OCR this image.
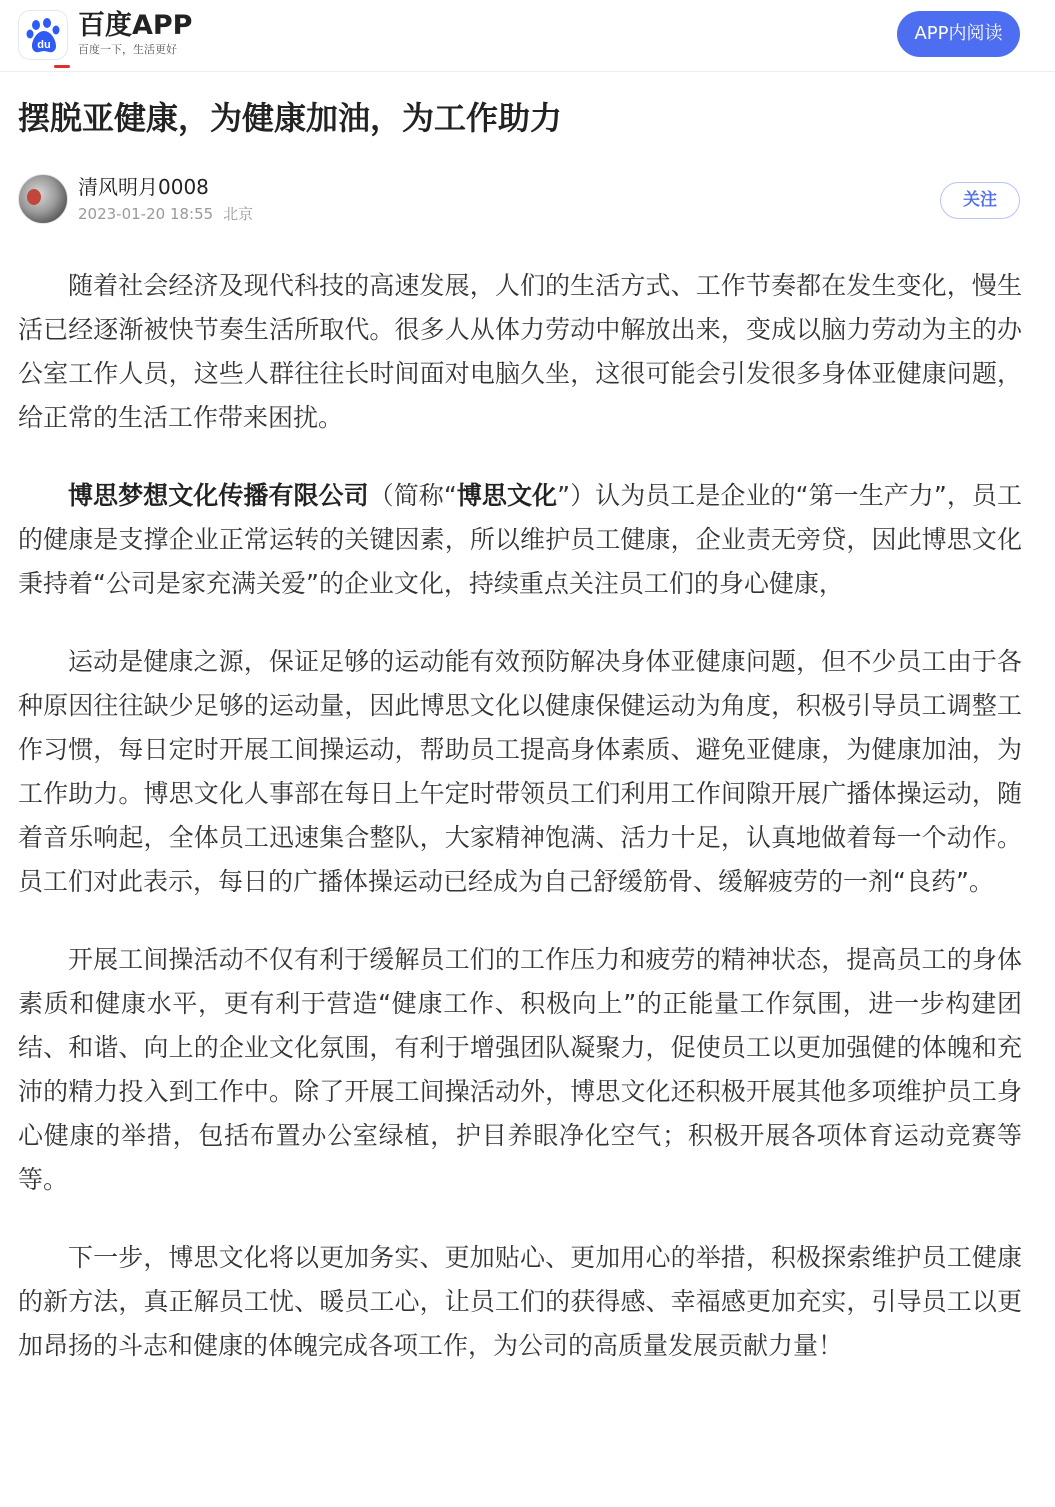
du
百度APP
百度一下，生活更好
APP内阅读
摆脱亚健康，为健康加油，为工作助力
清风明月0008
2023-01-20 18:55 北京
关注

随着社会经济及现代科技的高速发展，人们的生活方式、工作节奏都在发生变化，慢生活已经逐渐被快节奏生活所取代。很多人从体力劳动中解放出来，变成以脑力劳动为主的办公室工作人员，这些人群往往长时间面对电脑久坐，这很可能会引发很多身体亚健康问题，给正常的生活工作带来困扰。

博思梦想文化传播有限公司（简称“博思文化”）认为员工是企业的“第一生产力”，员工的健康是支撑企业正常运转的关键因素，所以维护员工健康，企业责无旁贷，因此博思文化秉持着“公司是家充满关爱”的企业文化，持续重点关注员工们的身心健康，

运动是健康之源，保证足够的运动能有效预防解决身体亚健康问题，但不少员工由于各种原因往往缺少足够的运动量，因此博思文化以健康保健运动为角度，积极引导员工调整工作习惯，每日定时开展工间操运动，帮助员工提高身体素质、避免亚健康，为健康加油，为工作助力。博思文化人事部在每日上午定时带领员工们利用工作间隙开展广播体操运动，随着音乐响起，全体员工迅速集合整队，大家精神饱满、活力十足，认真地做着每一个动作。员工们对此表示，每日的广播体操运动已经成为自己舒缓筋骨、缓解疲劳的一剂“良药”。

开展工间操活动不仅有利于缓解员工们的工作压力和疲劳的精神状态，提高员工的身体素质和健康水平，更有利于营造“健康工作、积极向上”的正能量工作氛围，进一步构建团结、和谐、向上的企业文化氛围，有利于增强团队凝聚力，促使员工以更加强健的体魄和充沛的精力投入到工作中。除了开展工间操活动外，博思文化还积极开展其他多项维护员工身心健康的举措，包括布置办公室绿植，护目养眼净化空气；积极开展各项体育运动竞赛等等。

下一步，博思文化将以更加务实、更加贴心、更加用心的举措，积极探索维护员工健康的新方法，真正解员工忧、暖员工心，让员工们的获得感、幸福感更加充实，引导员工以更加昂扬的斗志和健康的体魄完成各项工作，为公司的高质量发展贡献力量！
